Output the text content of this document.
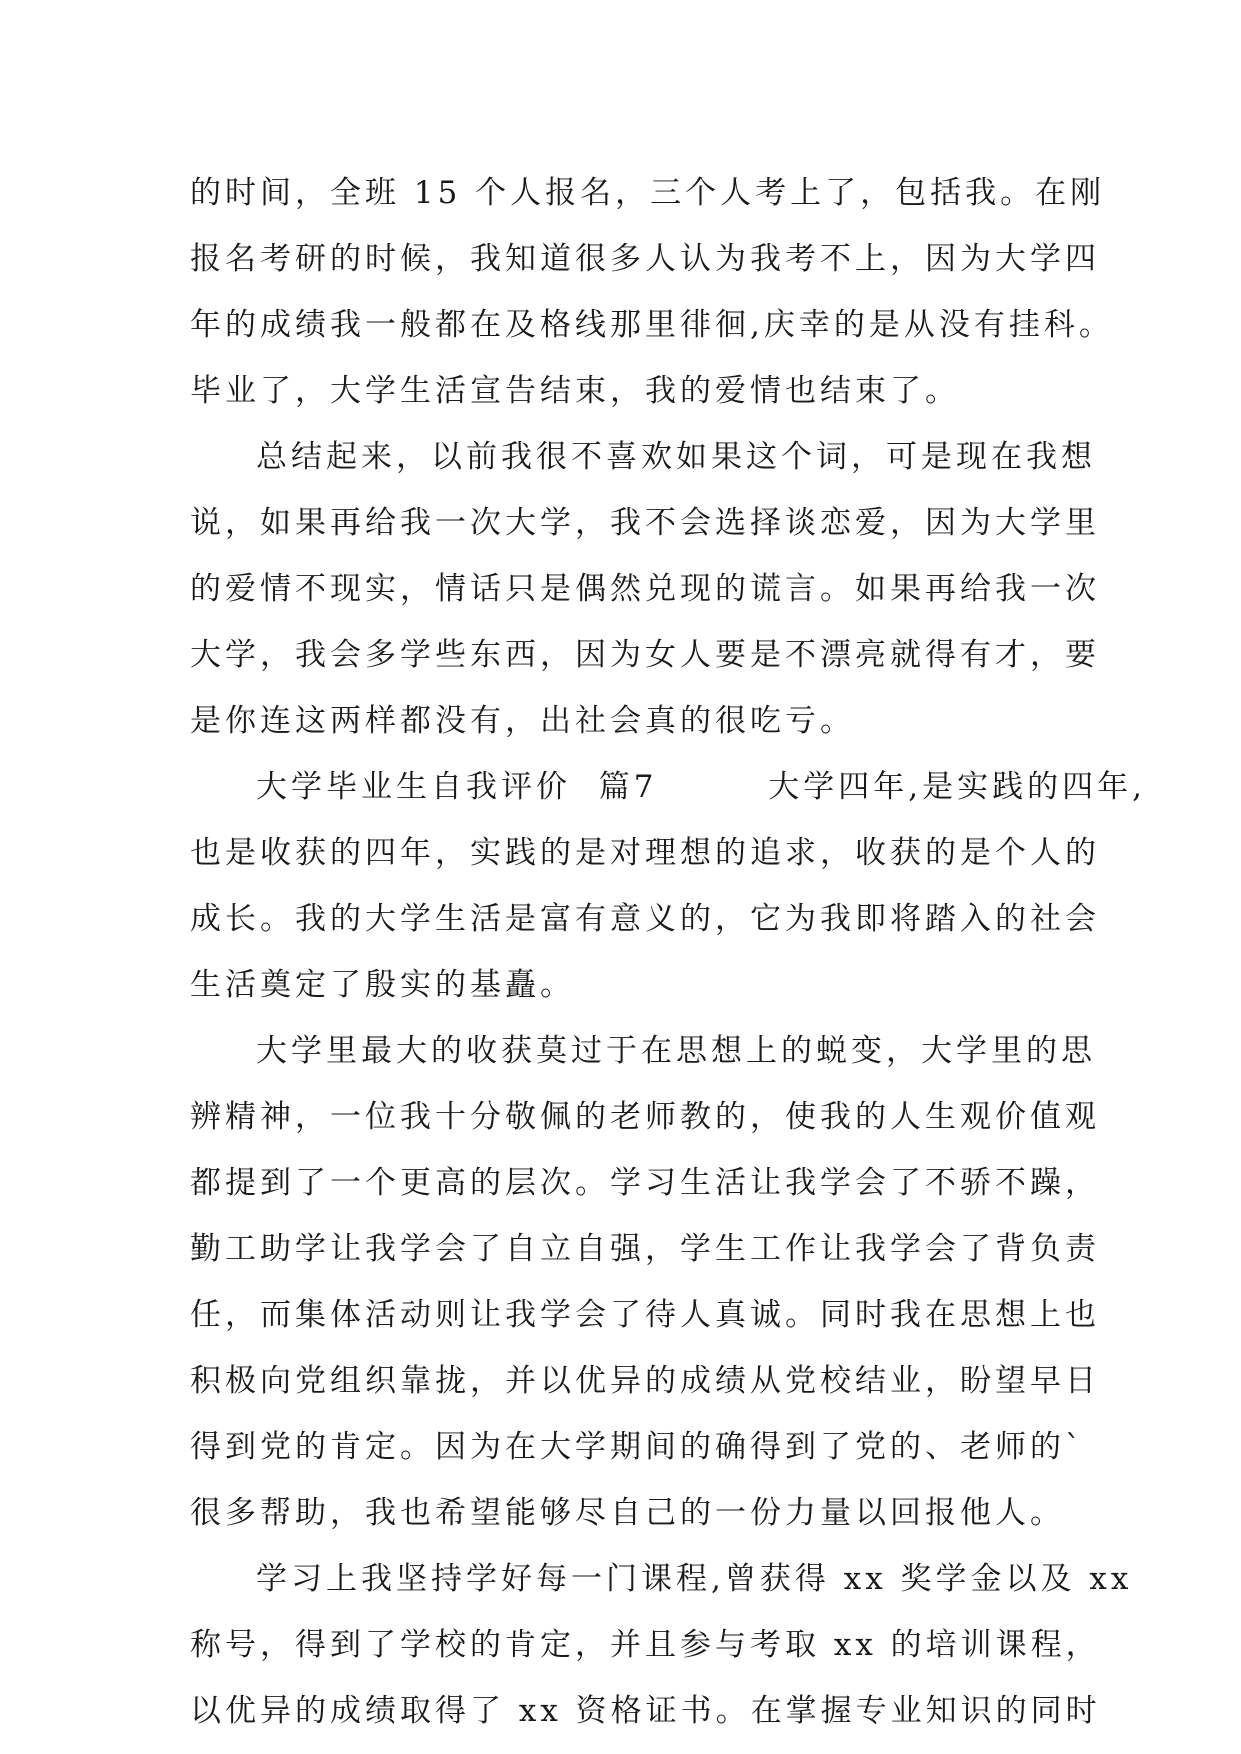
的时间，全班 15 个人报名，三个人考上了，包括我。在刚
报名考研的时候，我知道很多人认为我考不上，因为大学四
年的成绩我一般都在及格线那里徘徊,庆幸的是从没有挂科。
毕业了，大学生活宣告结束，我的爱情也结束了。
总结起来，以前我很不喜欢如果这个词，可是现在我想
说，如果再给我一次大学，我不会选择谈恋爱，因为大学里
的爱情不现实，情话只是偶然兑现的谎言。如果再给我一次
大学，我会多学些东西，因为女人要是不漂亮就得有才，要
是你连这两样都没有，出社会真的很吃亏。
大学毕业生自我评价  篇7        大学四年,是实践的四年,
也是收获的四年，实践的是对理想的追求，收获的是个人的
成长。我的大学生活是富有意义的，它为我即将踏入的社会
生活奠定了殷实的基矗。
大学里最大的收获莫过于在思想上的蜕变，大学里的思
辨精神，一位我十分敬佩的老师教的，使我的人生观价值观
都提到了一个更高的层次。学习生活让我学会了不骄不躁，
勤工助学让我学会了自立自强，学生工作让我学会了背负责
任，而集体活动则让我学会了待人真诚。同时我在思想上也
积极向党组织靠拢，并以优异的成绩从党校结业，盼望早日
得到党的肯定。因为在大学期间的确得到了党的、老师的`
很多帮助，我也希望能够尽自己的一份力量以回报他人。
学习上我坚持学好每一门课程,曾获得 xx 奖学金以及 xx
称号，得到了学校的肯定，并且参与考取 xx 的培训课程，
以优异的成绩取得了 xx 资格证书。在掌握专业知识的同时
